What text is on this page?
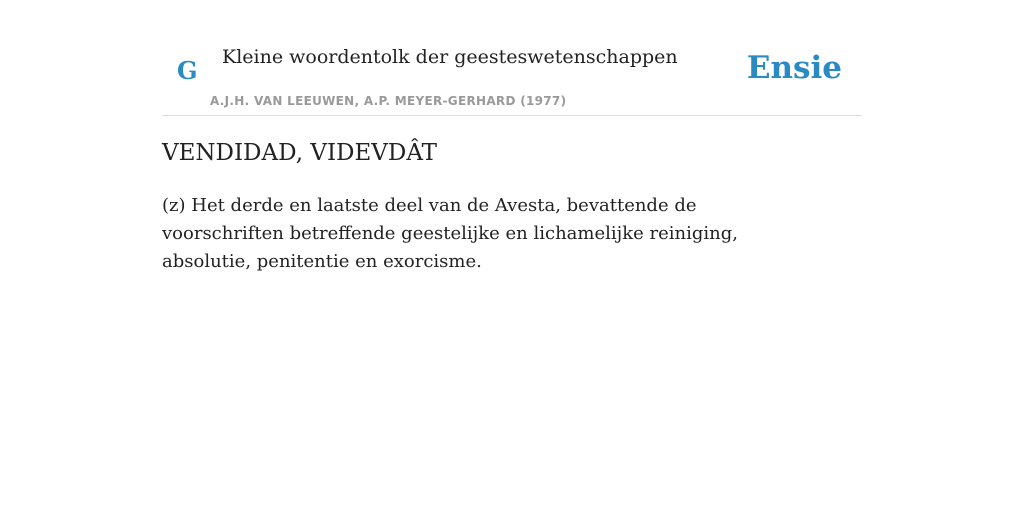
G Kleine woordentolk der geesteswetenschappen
A.J.H. VAN LEEUWEN, A.P. MEYER-GERHARD (1977)
Ensie
VENDIDAD, VIDEVDÂT

(z) Het derde en laatste deel van de Avesta, bevattende de voorschriften betreffende geestelijke en lichamelijke reiniging, absolutie, penitentie en exorcisme.
